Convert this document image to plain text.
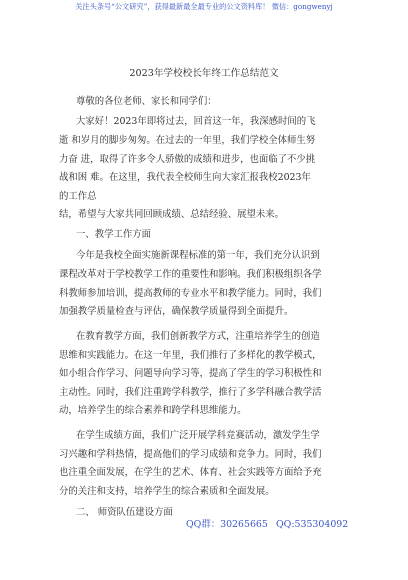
关注头条号“公文研究”，获得最新最全最专业的公文资料库！ 微信：gongwenyj
2023年学校校长年终工作总结范文
尊敬的各位老师、家长和同学们：
大家好！2023年即将过去，回首这一年，我深感时间的飞
逝 和岁月的脚步匆匆。在过去的一年里，我们学校全体师生努
力奋 进，取得了许多令人骄傲的成绩和进步，也面临了不少挑
战和困 难。在这里，我代表全校师生向大家汇报我校2023年
的工作总
结，希望与大家共同回顾成绩、总结经验、展望未来。
一、教学工作方面
今年是我校全面实施新课程标准的第一年，我们充分认识到
课程改革对于学校教学工作的重要性和影响。我们积极组织各学
科教师参加培训，提高教师的专业水平和教学能力。同时，我们
加强教学质量检查与评估，确保教学质量得到全面提升。
在教育教学方面，我们创新教学方式，注重培养学生的创造
思维和实践能力。在这一年里，我们推行了多样化的教学模式，
如小组合作学习、问题导向学习等，提高了学生的学习积极性和
主动性。同时，我们注重跨学科教学，推行了多学科融合教学活
动，培养学生的综合素养和跨学科思维能力。
在学生成绩方面，我们广泛开展学科竞赛活动，激发学生学
习兴趣和学科热情，提高他们的学习成绩和竞争力。同时，我们
也注重全面发展，在学生的艺术、体育、社会实践等方面给予充
分的关注和支持，培养学生的综合素质和全面发展。
二、 师资队伍建设方面
QQ群：30265665 QQ:535304092
